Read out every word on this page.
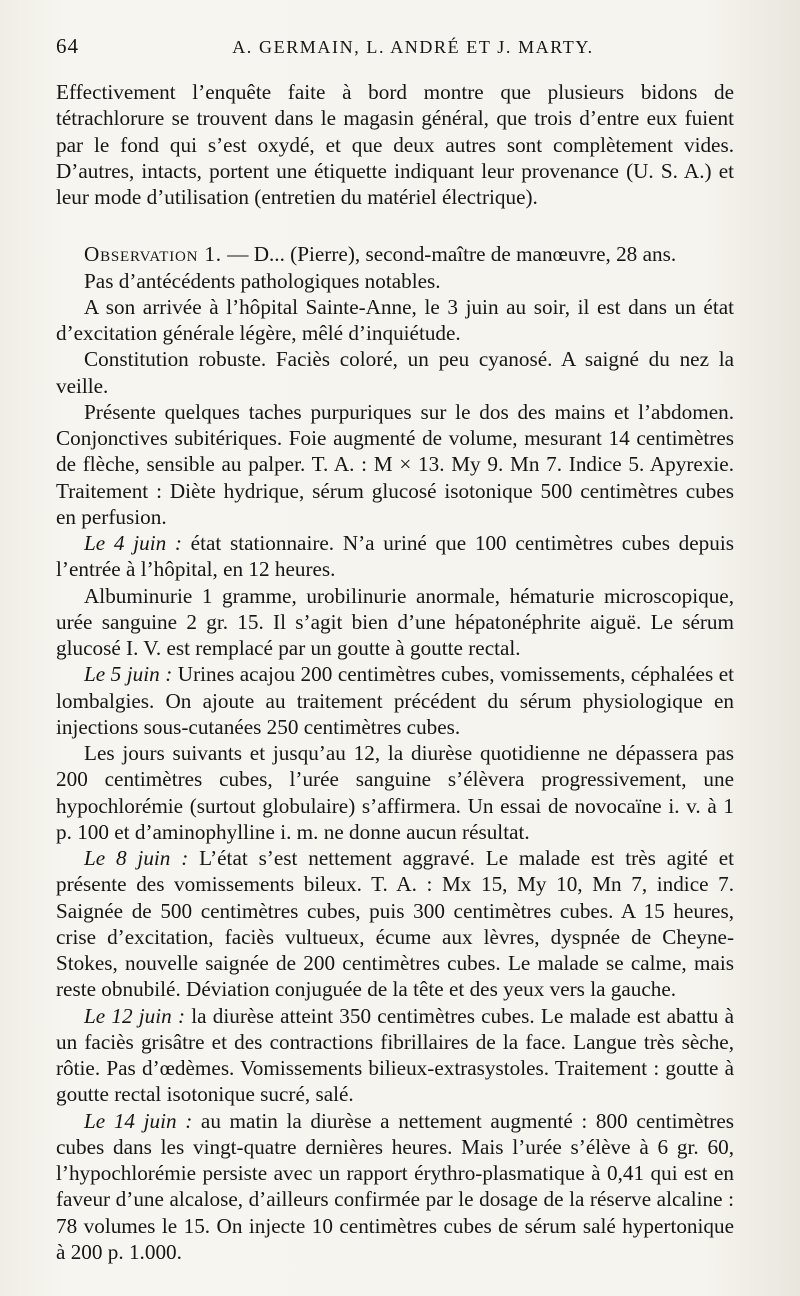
64	A. GERMAIN, L. ANDRÉ ET J. MARTY.

Effectivement l’enquête faite à bord montre que plusieurs bidons de tétrachlorure se trouvent dans le magasin général, que trois d’entre eux fuient par le fond qui s’est oxydé, et que deux autres sont complètement vides. D’autres, intacts, portent une étiquette indiquant leur provenance (U. S. A.) et leur mode d’utilisation (entretien du matériel électrique).

Observation 1. — D... (Pierre), second-maître de manœuvre, 28 ans.

Pas d’antécédents pathologiques notables.

A son arrivée à l’hôpital Sainte-Anne, le 3 juin au soir, il est dans un état d’excitation générale légère, mêlé d’inquiétude.

Constitution robuste. Faciès coloré, un peu cyanosé. A saigné du nez la veille.

Présente quelques taches purpuriques sur le dos des mains et l’abdomen. Conjonctives subitériques. Foie augmenté de volume, mesurant 14 centimètres de flèche, sensible au palper. T. A. : M × 13. My 9. Mn 7. Indice 5. Apyrexie. Traitement : Diète hydrique, sérum glucosé isotonique 500 centimètres cubes en perfusion.

Le 4 juin : état stationnaire. N’a uriné que 100 centimètres cubes depuis l’entrée à l’hôpital, en 12 heures.

Albuminurie 1 gramme, urobilinurie anormale, hématurie microscopique, urée sanguine 2 gr. 15. Il s’agit bien d’une hépatonéphrite aiguë. Le sérum glucosé I. V. est remplacé par un goutte à goutte rectal.

Le 5 juin : Urines acajou 200 centimètres cubes, vomissements, céphalées et lombalgies. On ajoute au traitement précédent du sérum physiologique en injections sous-cutanées 250 centimètres cubes.

Les jours suivants et jusqu’au 12, la diurèse quotidienne ne dépassera pas 200 centimètres cubes, l’urée sanguine s’élèvera progressivement, une hypochlorémie (surtout globulaire) s’affirmera. Un essai de novocaïne i. v. à 1 p. 100 et d’aminophylline i. m. ne donne aucun résultat.

Le 8 juin : L’état s’est nettement aggravé. Le malade est très agité et présente des vomissements bileux. T. A. : Mx 15, My 10, Mn 7, indice 7. Saignée de 500 centimètres cubes, puis 300 centimètres cubes. A 15 heures, crise d’excitation, faciès vultueux, écume aux lèvres, dyspnée de Cheyne-Stokes, nouvelle saignée de 200 centimètres cubes. Le malade se calme, mais reste obnubilé. Déviation conjuguée de la tête et des yeux vers la gauche.

Le 12 juin : la diurèse atteint 350 centimètres cubes. Le malade est abattu à un faciès grisâtre et des contractions fibrillaires de la face. Langue très sèche, rôtie. Pas d’œdèmes. Vomissements bilieux-extrasystoles. Traitement : goutte à goutte rectal isotonique sucré, salé.

Le 14 juin : au matin la diurèse a nettement augmenté : 800 centimètres cubes dans les vingt-quatre dernières heures. Mais l’urée s’élève à 6 gr. 60, l’hypochlorémie persiste avec un rapport érythro-plasmatique à 0,41 qui est en faveur d’une alcalose, d’ailleurs confirmée par le dosage de la réserve alcaline : 78 volumes le 15. On injecte 10 centimètres cubes de sérum salé hypertonique à 200 p. 1.000.
